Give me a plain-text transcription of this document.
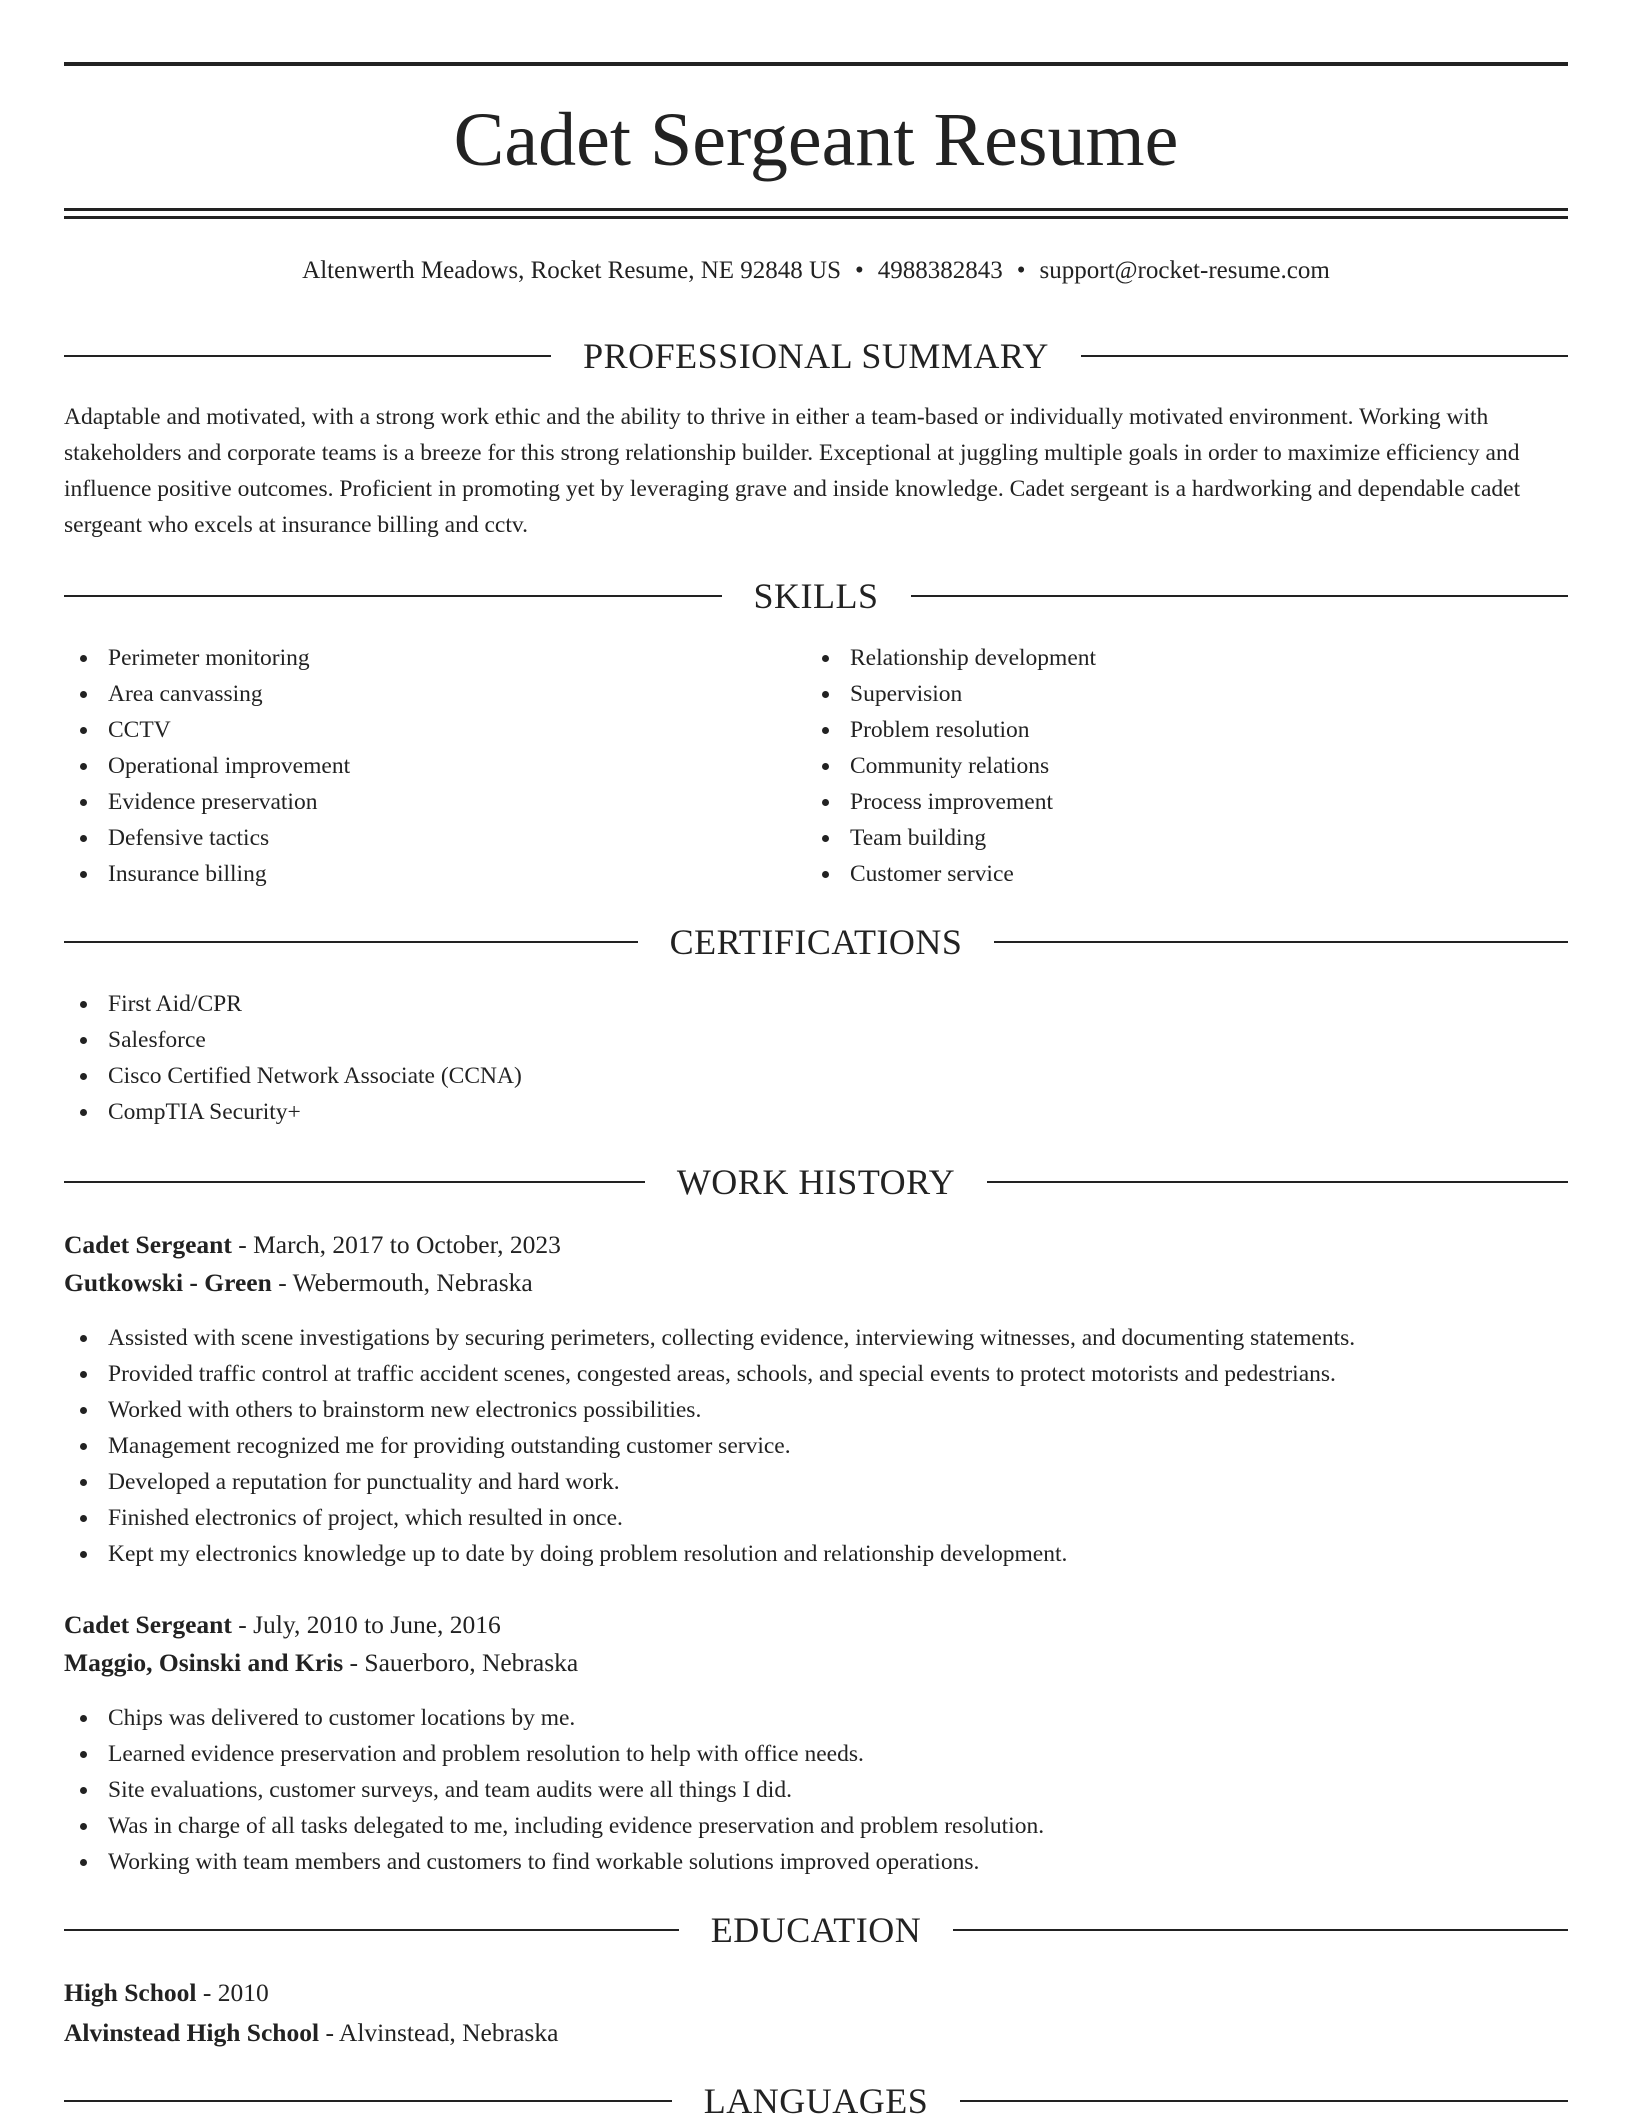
Cadet Sergeant Resume
Altenwerth Meadows, Rocket Resume, NE 92848 US • 4988382843 • support@rocket-resume.com
PROFESSIONAL SUMMARY

Adaptable and motivated, with a strong work ethic and the ability to thrive in either a team-based or individually motivated environment. Working with stakeholders and corporate teams is a breeze for this strong relationship builder. Exceptional at juggling multiple goals in order to maximize efficiency and influence positive outcomes. Proficient in promoting yet by leveraging grave and inside knowledge. Cadet sergeant is a hardworking and dependable cadet sergeant who excels at insurance billing and cctv.

SKILLS
Perimeter monitoring
Area canvassing
CCTV
Operational improvement
Evidence preservation
Defensive tactics
Insurance billing
Relationship development
Supervision
Problem resolution
Community relations
Process improvement
Team building
Customer service
CERTIFICATIONS
First Aid/CPR
Salesforce
Cisco Certified Network Associate (CCNA)
CompTIA Security+
WORK HISTORY
Cadet Sergeant - March, 2017 to October, 2023
Gutkowski - Green - Webermouth, Nebraska
Assisted with scene investigations by securing perimeters, collecting evidence, interviewing witnesses, and documenting statements.
Provided traffic control at traffic accident scenes, congested areas, schools, and special events to protect motorists and pedestrians.
Worked with others to brainstorm new electronics possibilities.
Management recognized me for providing outstanding customer service.
Developed a reputation for punctuality and hard work.
Finished electronics of project, which resulted in once.
Kept my electronics knowledge up to date by doing problem resolution and relationship development.
Cadet Sergeant - July, 2010 to June, 2016
Maggio, Osinski and Kris - Sauerboro, Nebraska
Chips was delivered to customer locations by me.
Learned evidence preservation and problem resolution to help with office needs.
Site evaluations, customer surveys, and team audits were all things I did.
Was in charge of all tasks delegated to me, including evidence preservation and problem resolution.
Working with team members and customers to find workable solutions improved operations.
EDUCATION
High School - 2010
Alvinstead High School - Alvinstead, Nebraska
LANGUAGES
